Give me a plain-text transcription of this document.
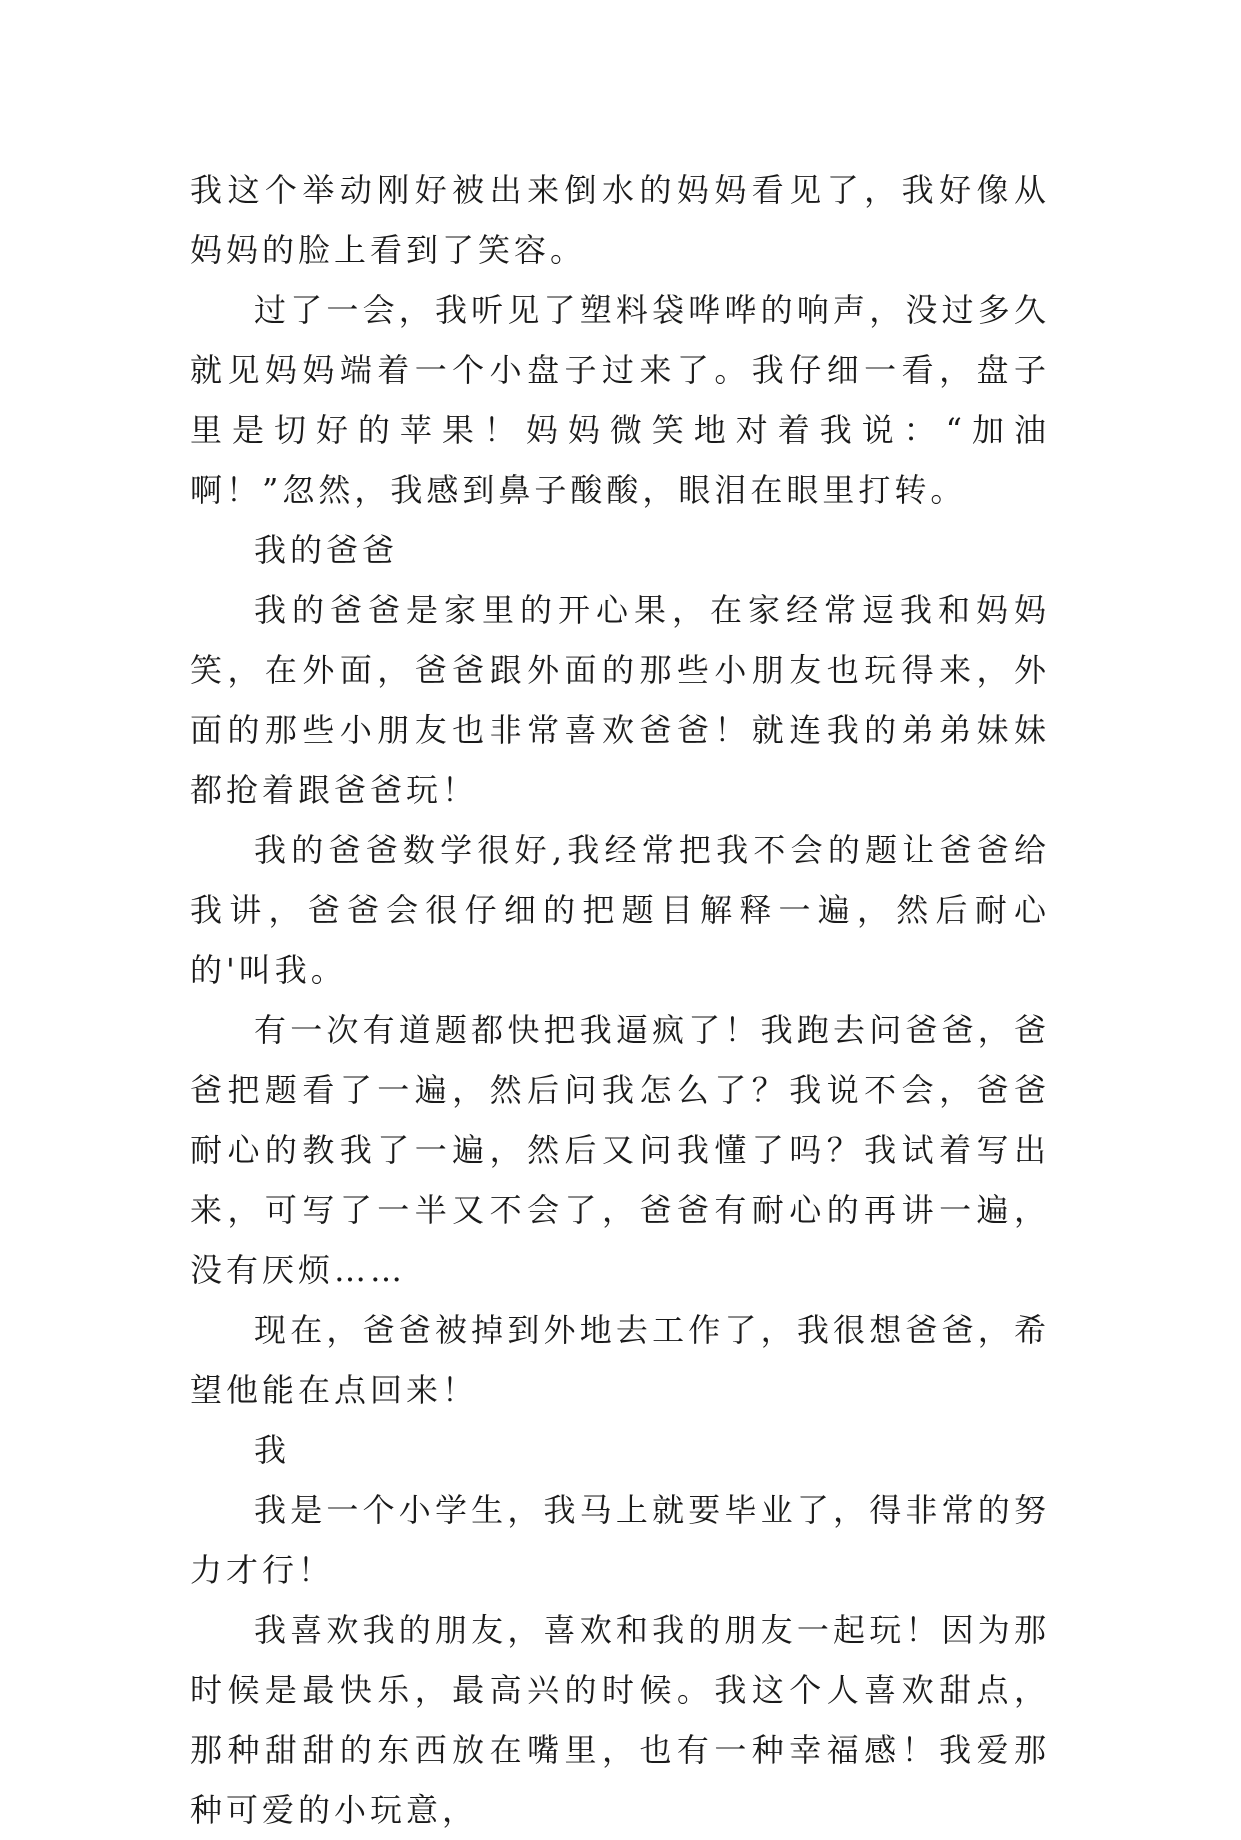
我这个举动刚好被出来倒水的妈妈看见了，我好像从妈妈的脸上看到了笑容。

过了一会，我听见了塑料袋哗哗的响声，没过多久就见妈妈端着一个小盘子过来了。我仔细一看，盘子里是切好的苹果！妈妈微笑地对着我说：“加油啊！”忽然，我感到鼻子酸酸，眼泪在眼里打转。

我的爸爸

我的爸爸是家里的开心果，在家经常逗我和妈妈笑，在外面，爸爸跟外面的那些小朋友也玩得来，外面的那些小朋友也非常喜欢爸爸！就连我的弟弟妹妹都抢着跟爸爸玩！

我的爸爸数学很好,我经常把我不会的题让爸爸给我讲，爸爸会很仔细的把题目解释一遍，然后耐心的'叫我。

有一次有道题都快把我逼疯了！我跑去问爸爸，爸爸把题看了一遍，然后问我怎么了？我说不会，爸爸耐心的教我了一遍，然后又问我懂了吗？我试着写出来，可写了一半又不会了，爸爸有耐心的再讲一遍，没有厌烦……

现在，爸爸被掉到外地去工作了，我很想爸爸，希望他能在点回来！

我

我是一个小学生，我马上就要毕业了，得非常的努力才行！

我喜欢我的朋友，喜欢和我的朋友一起玩！因为那时候是最快乐，最高兴的时候。我这个人喜欢甜点，那种甜甜的东西放在嘴里，也有一种幸福感！我爱那种可爱的小玩意，
